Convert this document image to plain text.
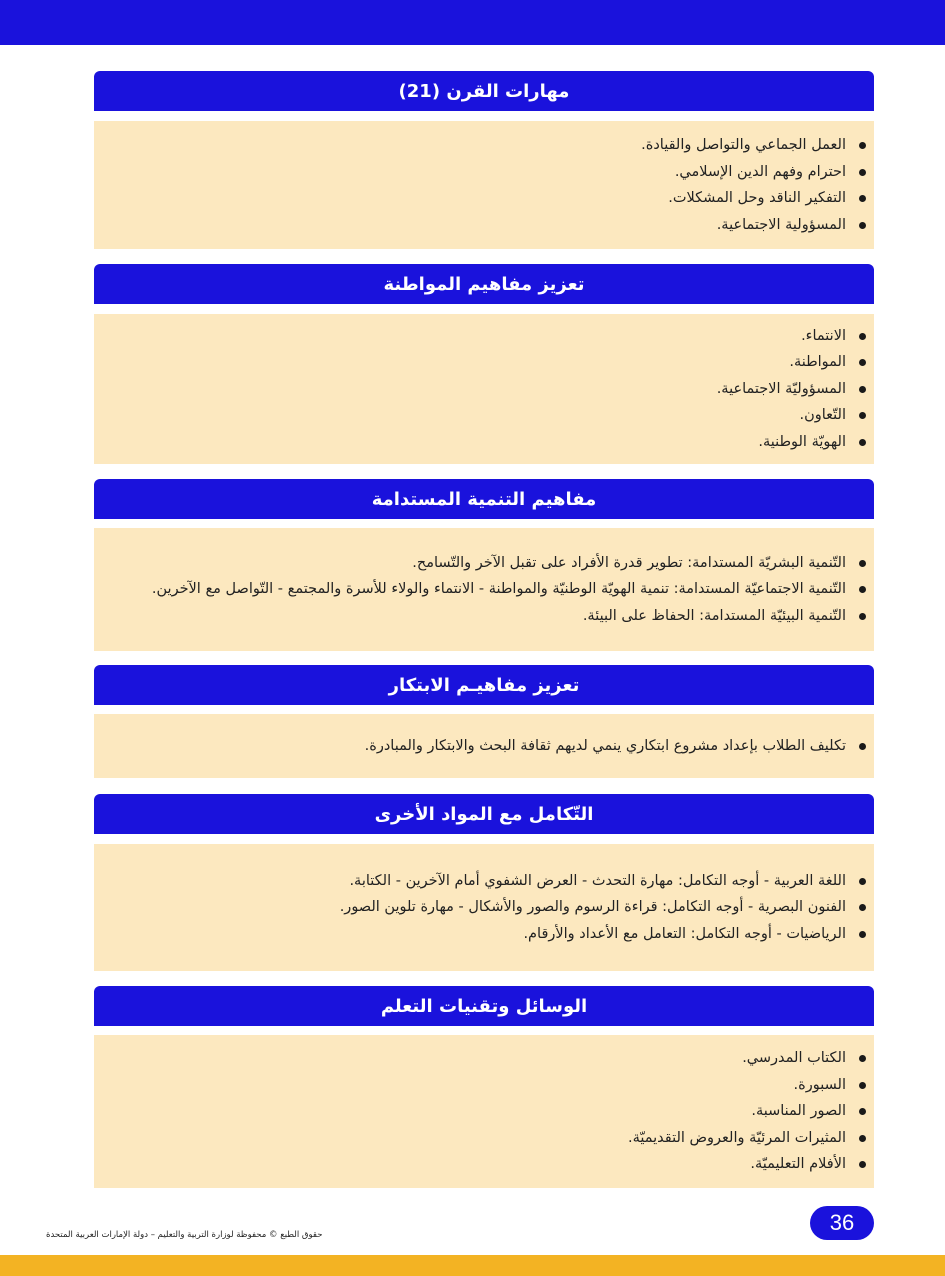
مهارات القرن (21)
العمل الجماعي والتواصل والقيادة.
احترام وفهم الدين الإسلامي.
التفكير الناقد وحل المشكلات.
المسؤولية الاجتماعية.
تعزيز مفاهيم المواطنة
الانتماء.
المواطنة.
المسؤوليّة الاجتماعية.
التّعاون.
الهويّة الوطنية.
مفاهيم التنمية المستدامة
التّنمية البشريّة المستدامة: تطوير قدرة الأفراد على تقبل الآخر والتّسامح.
التّنمية الاجتماعيّة المستدامة: تنمية الهويّة الوطنيّة والمواطنة - الانتماء والولاء للأسرة والمجتمع - التّواصل مع الآخرين.
التّنمية البيئيّة المستدامة: الحفاظ على البيئة.
تعزيز مفاهيـم الابتكار
تكليف الطلاب بإعداد مشروع ابتكاري ينمي لديهم ثقافة البحث والابتكار والمبادرة.
التّكامل مع المواد الأخرى
اللغة العربية - أوجه التكامل: مهارة التحدث - العرض الشفوي أمام الآخرين - الكتابة.
الفنون البصرية - أوجه التكامل: قراءة الرسوم والصور والأشكال - مهارة تلوين الصور.
الرياضيات - أوجه التكامل: التعامل مع الأعداد والأرقام.
الوسائل وتقنيات التعلم
الكتاب المدرسي.
السبورة.
الصور المناسبة.
المثيرات المرئيّة والعروض التقديميّة.
الأفلام التعليميّة.
36
حقوق الطبع © محفوظة لوزارة التربية والتعليم – دولة الإمارات العربية المتحدة
